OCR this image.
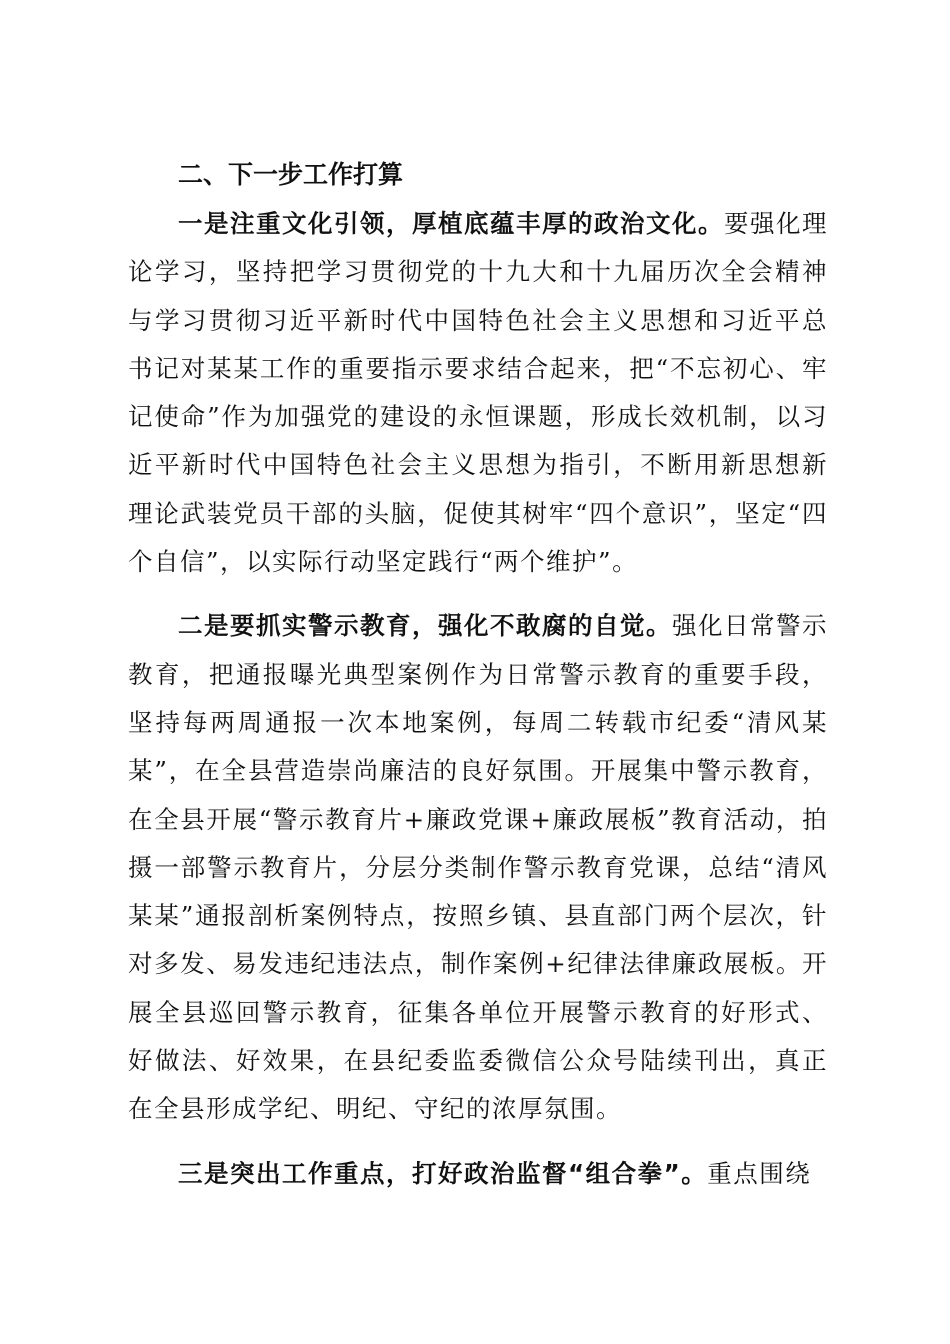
二、下一步工作打算

一是注重文化引领，厚植底蕴丰厚的政治文化。要强化理论学习，坚持把学习贯彻党的十九大和十九届历次全会精神与学习贯彻习近平新时代中国特色社会主义思想和习近平总书记对某某工作的重要指示要求结合起来，把“不忘初心、牢记使命”作为加强党的建设的永恒课题，形成长效机制，以习近平新时代中国特色社会主义思想为指引，不断用新思想新理论武装党员干部的头脑，促使其树牢“四个意识”，坚定“四个自信”，以实际行动坚定践行“两个维护”。

二是要抓实警示教育，强化不敢腐的自觉。强化日常警示教育，把通报曝光典型案例作为日常警示教育的重要手段，坚持每两周通报一次本地案例，每周二转载市纪委“清风某某”，在全县营造崇尚廉洁的良好氛围。开展集中警示教育，在全县开展“警示教育片+廉政党课+廉政展板”教育活动，拍摄一部警示教育片，分层分类制作警示教育党课，总结“清风某某”通报剖析案例特点，按照乡镇、县直部门两个层次，针对多发、易发违纪违法点，制作案例+纪律法律廉政展板。开展全县巡回警示教育，征集各单位开展警示教育的好形式、好做法、好效果，在县纪委监委微信公众号陆续刊出，真正在全县形成学纪、明纪、守纪的浓厚氛围。

三是突出工作重点，打好政治监督“组合拳”。重点围绕
